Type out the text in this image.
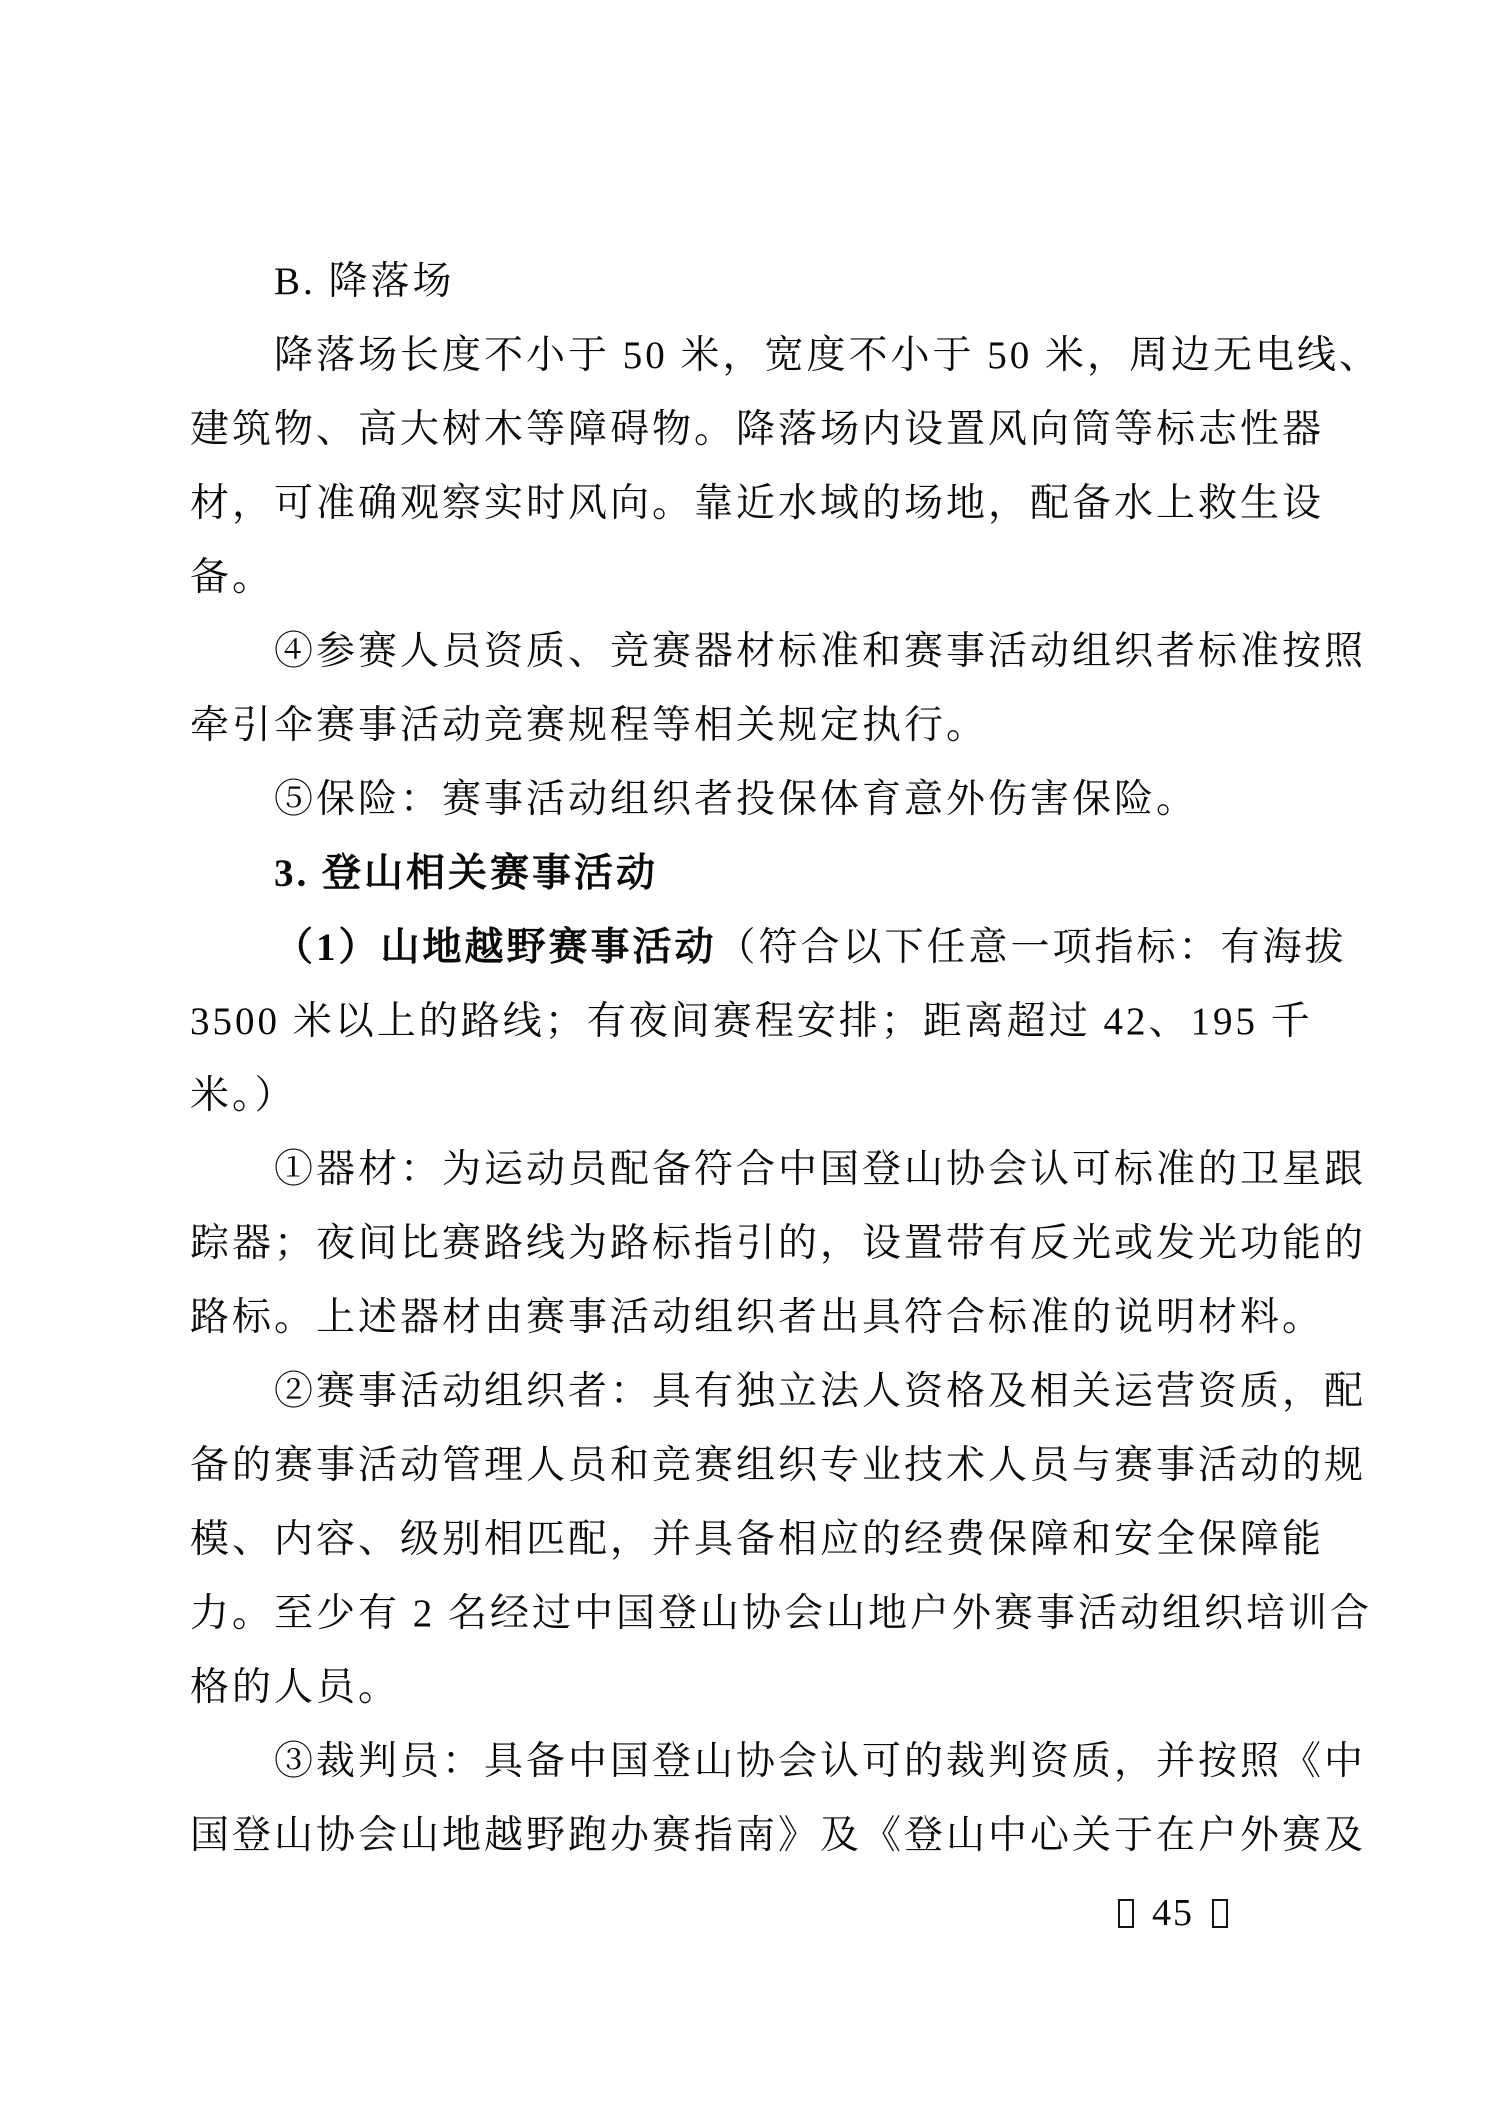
B. 降落场
降落场长度不小于 50 米，宽度不小于 50 米，周边无电线、
建筑物、高大树木等障碍物。降落场内设置风向筒等标志性器
材，可准确观察实时风向。靠近水域的场地，配备水上救生设
备。
④参赛人员资质、竞赛器材标准和赛事活动组织者标准按照
牵引伞赛事活动竞赛规程等相关规定执行。
⑤保险：赛事活动组织者投保体育意外伤害保险。
3. 登山相关赛事活动
（1）山地越野赛事活动（符合以下任意一项指标：有海拔
3500 米以上的路线；有夜间赛程安排；距离超过 42、195 千
米。）
①器材：为运动员配备符合中国登山协会认可标准的卫星跟
踪器；夜间比赛路线为路标指引的，设置带有反光或发光功能的
路标。上述器材由赛事活动组织者出具符合标准的说明材料。
②赛事活动组织者：具有独立法人资格及相关运营资质，配
备的赛事活动管理人员和竞赛组织专业技术人员与赛事活动的规
模、内容、级别相匹配，并具备相应的经费保障和安全保障能
力。至少有 2 名经过中国登山协会山地户外赛事活动组织培训合
格的人员。
③裁判员：具备中国登山协会认可的裁判资质，并按照《中
国登山协会山地越野跑办赛指南》及《登山中心关于在户外赛及
45
